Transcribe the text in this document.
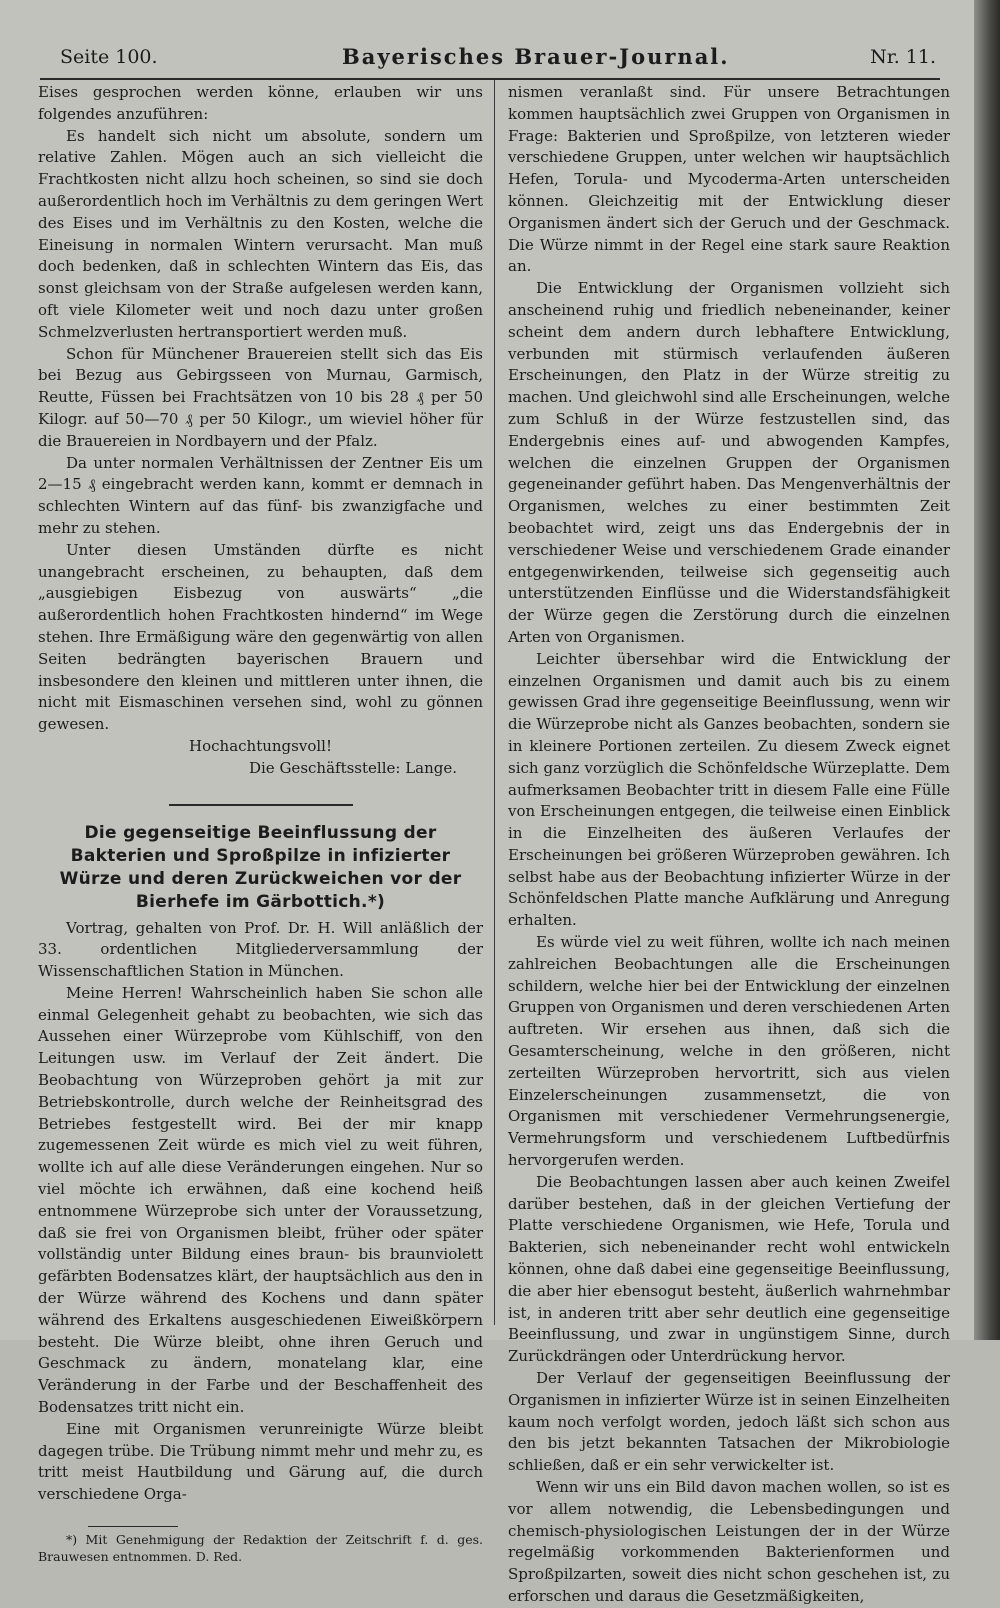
Seite 100.	Bayerisches Brauer-Journal.	Nr. 11.

Eises gesprochen werden könne, erlauben wir uns folgendes anzuführen:

Es handelt sich nicht um absolute, sondern um relative Zahlen. Mögen auch an sich vielleicht die Frachtkosten nicht allzu hoch scheinen, so sind sie doch außerordentlich hoch im Verhältnis zu dem geringen Wert des Eises und im Verhältnis zu den Kosten, welche die Eineisung in normalen Wintern verursacht. Man muß doch bedenken, daß in schlechten Wintern das Eis, das sonst gleichsam von der Straße aufgelesen werden kann, oft viele Kilometer weit und noch dazu unter großen Schmelzverlusten hertransportiert werden muß.

Schon für Münchener Brauereien stellt sich das Eis bei Bezug aus Gebirgsseen von Murnau, Garmisch, Reutte, Füssen bei Frachtsätzen von 10 bis 28 ₰ per 50 Kilogr. auf 50—70 ₰ per 50 Kilogr., um wieviel höher für die Brauereien in Nordbayern und der Pfalz.

Da unter normalen Verhältnissen der Zentner Eis um 2—15 ₰ eingebracht werden kann, kommt er demnach in schlechten Wintern auf das fünf- bis zwanzigfache und mehr zu stehen.

Unter diesen Umständen dürfte es nicht unangebracht erscheinen, zu behaupten, daß dem „ausgiebigen Eisbezug von auswärts“ „die außerordentlich hohen Frachtkosten hindernd“ im Wege stehen. Ihre Ermäßigung wäre den gegenwärtig von allen Seiten bedrängten bayerischen Brauern und insbesondere den kleinen und mittleren unter ihnen, die nicht mit Eismaschinen versehen sind, wohl zu gönnen gewesen.

Hochachtungsvoll!

Die Geschäftsstelle: Lange.

Die gegenseitige Beeinflussung der Bakterien und Sproßpilze in infizierter Würze und deren Zurückweichen vor der Bierhefe im Gärbottich.*)

Vortrag, gehalten von Prof. Dr. H. Will anläßlich der 33. ordentlichen Mitgliederversammlung der Wissenschaftlichen Station in München.

Meine Herren! Wahrscheinlich haben Sie schon alle einmal Gelegenheit gehabt zu beobachten, wie sich das Aussehen einer Würzeprobe vom Kühlschiff, von den Leitungen usw. im Verlauf der Zeit ändert. Die Beobachtung von Würzeproben gehört ja mit zur Betriebskontrolle, durch welche der Reinheitsgrad des Betriebes festgestellt wird. Bei der mir knapp zugemessenen Zeit würde es mich viel zu weit führen, wollte ich auf alle diese Veränderungen eingehen. Nur so viel möchte ich erwähnen, daß eine kochend heiß entnommene Würzeprobe sich unter der Voraussetzung, daß sie frei von Organismen bleibt, früher oder später vollständig unter Bildung eines braun- bis braunviolett gefärbten Bodensatzes klärt, der hauptsächlich aus den in der Würze während des Kochens und dann später während des Erkaltens ausgeschiedenen Eiweißkörpern besteht. Die Würze bleibt, ohne ihren Geruch und Geschmack zu ändern, monatelang klar, eine Veränderung in der Farbe und der Beschaffenheit des Bodensatzes tritt nicht ein.

Eine mit Organismen verunreinigte Würze bleibt dagegen trübe. Die Trübung nimmt mehr und mehr zu, es tritt meist Hautbildung und Gärung auf, die durch verschiedene Orga-

*) Mit Genehmigung der Redaktion der Zeitschrift f. d. ges. Brauwesen entnommen. D. Red.

nismen veranlaßt sind. Für unsere Betrachtungen kommen hauptsächlich zwei Gruppen von Organismen in Frage: Bakterien und Sproßpilze, von letzteren wieder verschiedene Gruppen, unter welchen wir hauptsächlich Hefen, Torula- und Mycoderma-Arten unterscheiden können. Gleichzeitig mit der Entwicklung dieser Organismen ändert sich der Geruch und der Geschmack. Die Würze nimmt in der Regel eine stark saure Reaktion an.

Die Entwicklung der Organismen vollzieht sich anscheinend ruhig und friedlich nebeneinander, keiner scheint dem andern durch lebhaftere Entwicklung, verbunden mit stürmisch verlaufenden äußeren Erscheinungen, den Platz in der Würze streitig zu machen. Und gleichwohl sind alle Erscheinungen, welche zum Schluß in der Würze festzustellen sind, das Endergebnis eines auf- und abwogenden Kampfes, welchen die einzelnen Gruppen der Organismen gegeneinander geführt haben. Das Mengenverhältnis der Organismen, welches zu einer bestimmten Zeit beobachtet wird, zeigt uns das Endergebnis der in verschiedener Weise und verschiedenem Grade einander entgegenwirkenden, teilweise sich gegenseitig auch unterstützenden Einflüsse und die Widerstandsfähigkeit der Würze gegen die Zerstörung durch die einzelnen Arten von Organismen.

Leichter übersehbar wird die Entwicklung der einzelnen Organismen und damit auch bis zu einem gewissen Grad ihre gegenseitige Beeinflussung, wenn wir die Würzeprobe nicht als Ganzes beobachten, sondern sie in kleinere Portionen zerteilen. Zu diesem Zweck eignet sich ganz vorzüglich die Schönfeldsche Würzeplatte. Dem aufmerksamen Beobachter tritt in diesem Falle eine Fülle von Erscheinungen entgegen, die teilweise einen Einblick in die Einzelheiten des äußeren Verlaufes der Erscheinungen bei größeren Würzeproben gewähren. Ich selbst habe aus der Beobachtung infizierter Würze in der Schönfeldschen Platte manche Aufklärung und Anregung erhalten.

Es würde viel zu weit führen, wollte ich nach meinen zahlreichen Beobachtungen alle die Erscheinungen schildern, welche hier bei der Entwicklung der einzelnen Gruppen von Organismen und deren verschiedenen Arten auftreten. Wir ersehen aus ihnen, daß sich die Gesamterscheinung, welche in den größeren, nicht zerteilten Würzeproben hervortritt, sich aus vielen Einzelerscheinungen zusammensetzt, die von Organismen mit verschiedener Vermehrungsenergie, Vermehrungsform und verschiedenem Luftbedürfnis hervorgerufen werden.

Die Beobachtungen lassen aber auch keinen Zweifel darüber bestehen, daß in der gleichen Vertiefung der Platte verschiedene Organismen, wie Hefe, Torula und Bakterien, sich nebeneinander recht wohl entwickeln können, ohne daß dabei eine gegenseitige Beeinflussung, die aber hier ebensogut besteht, äußerlich wahrnehmbar ist, in anderen tritt aber sehr deutlich eine gegenseitige Beeinflussung, und zwar in ungünstigem Sinne, durch Zurückdrängen oder Unterdrückung hervor.

Der Verlauf der gegenseitigen Beeinflussung der Organismen in infizierter Würze ist in seinen Einzelheiten kaum noch verfolgt worden, jedoch läßt sich schon aus den bis jetzt bekannten Tatsachen der Mikrobiologie schließen, daß er ein sehr verwickelter ist.

Wenn wir uns ein Bild davon machen wollen, so ist es vor allem notwendig, die Lebensbedingungen und chemisch-physiologischen Leistungen der in der Würze regelmäßig vorkommenden Bakterienformen und Sproßpilzarten, soweit dies nicht schon geschehen ist, zu erforschen und daraus die Gesetzmäßigkeiten,
